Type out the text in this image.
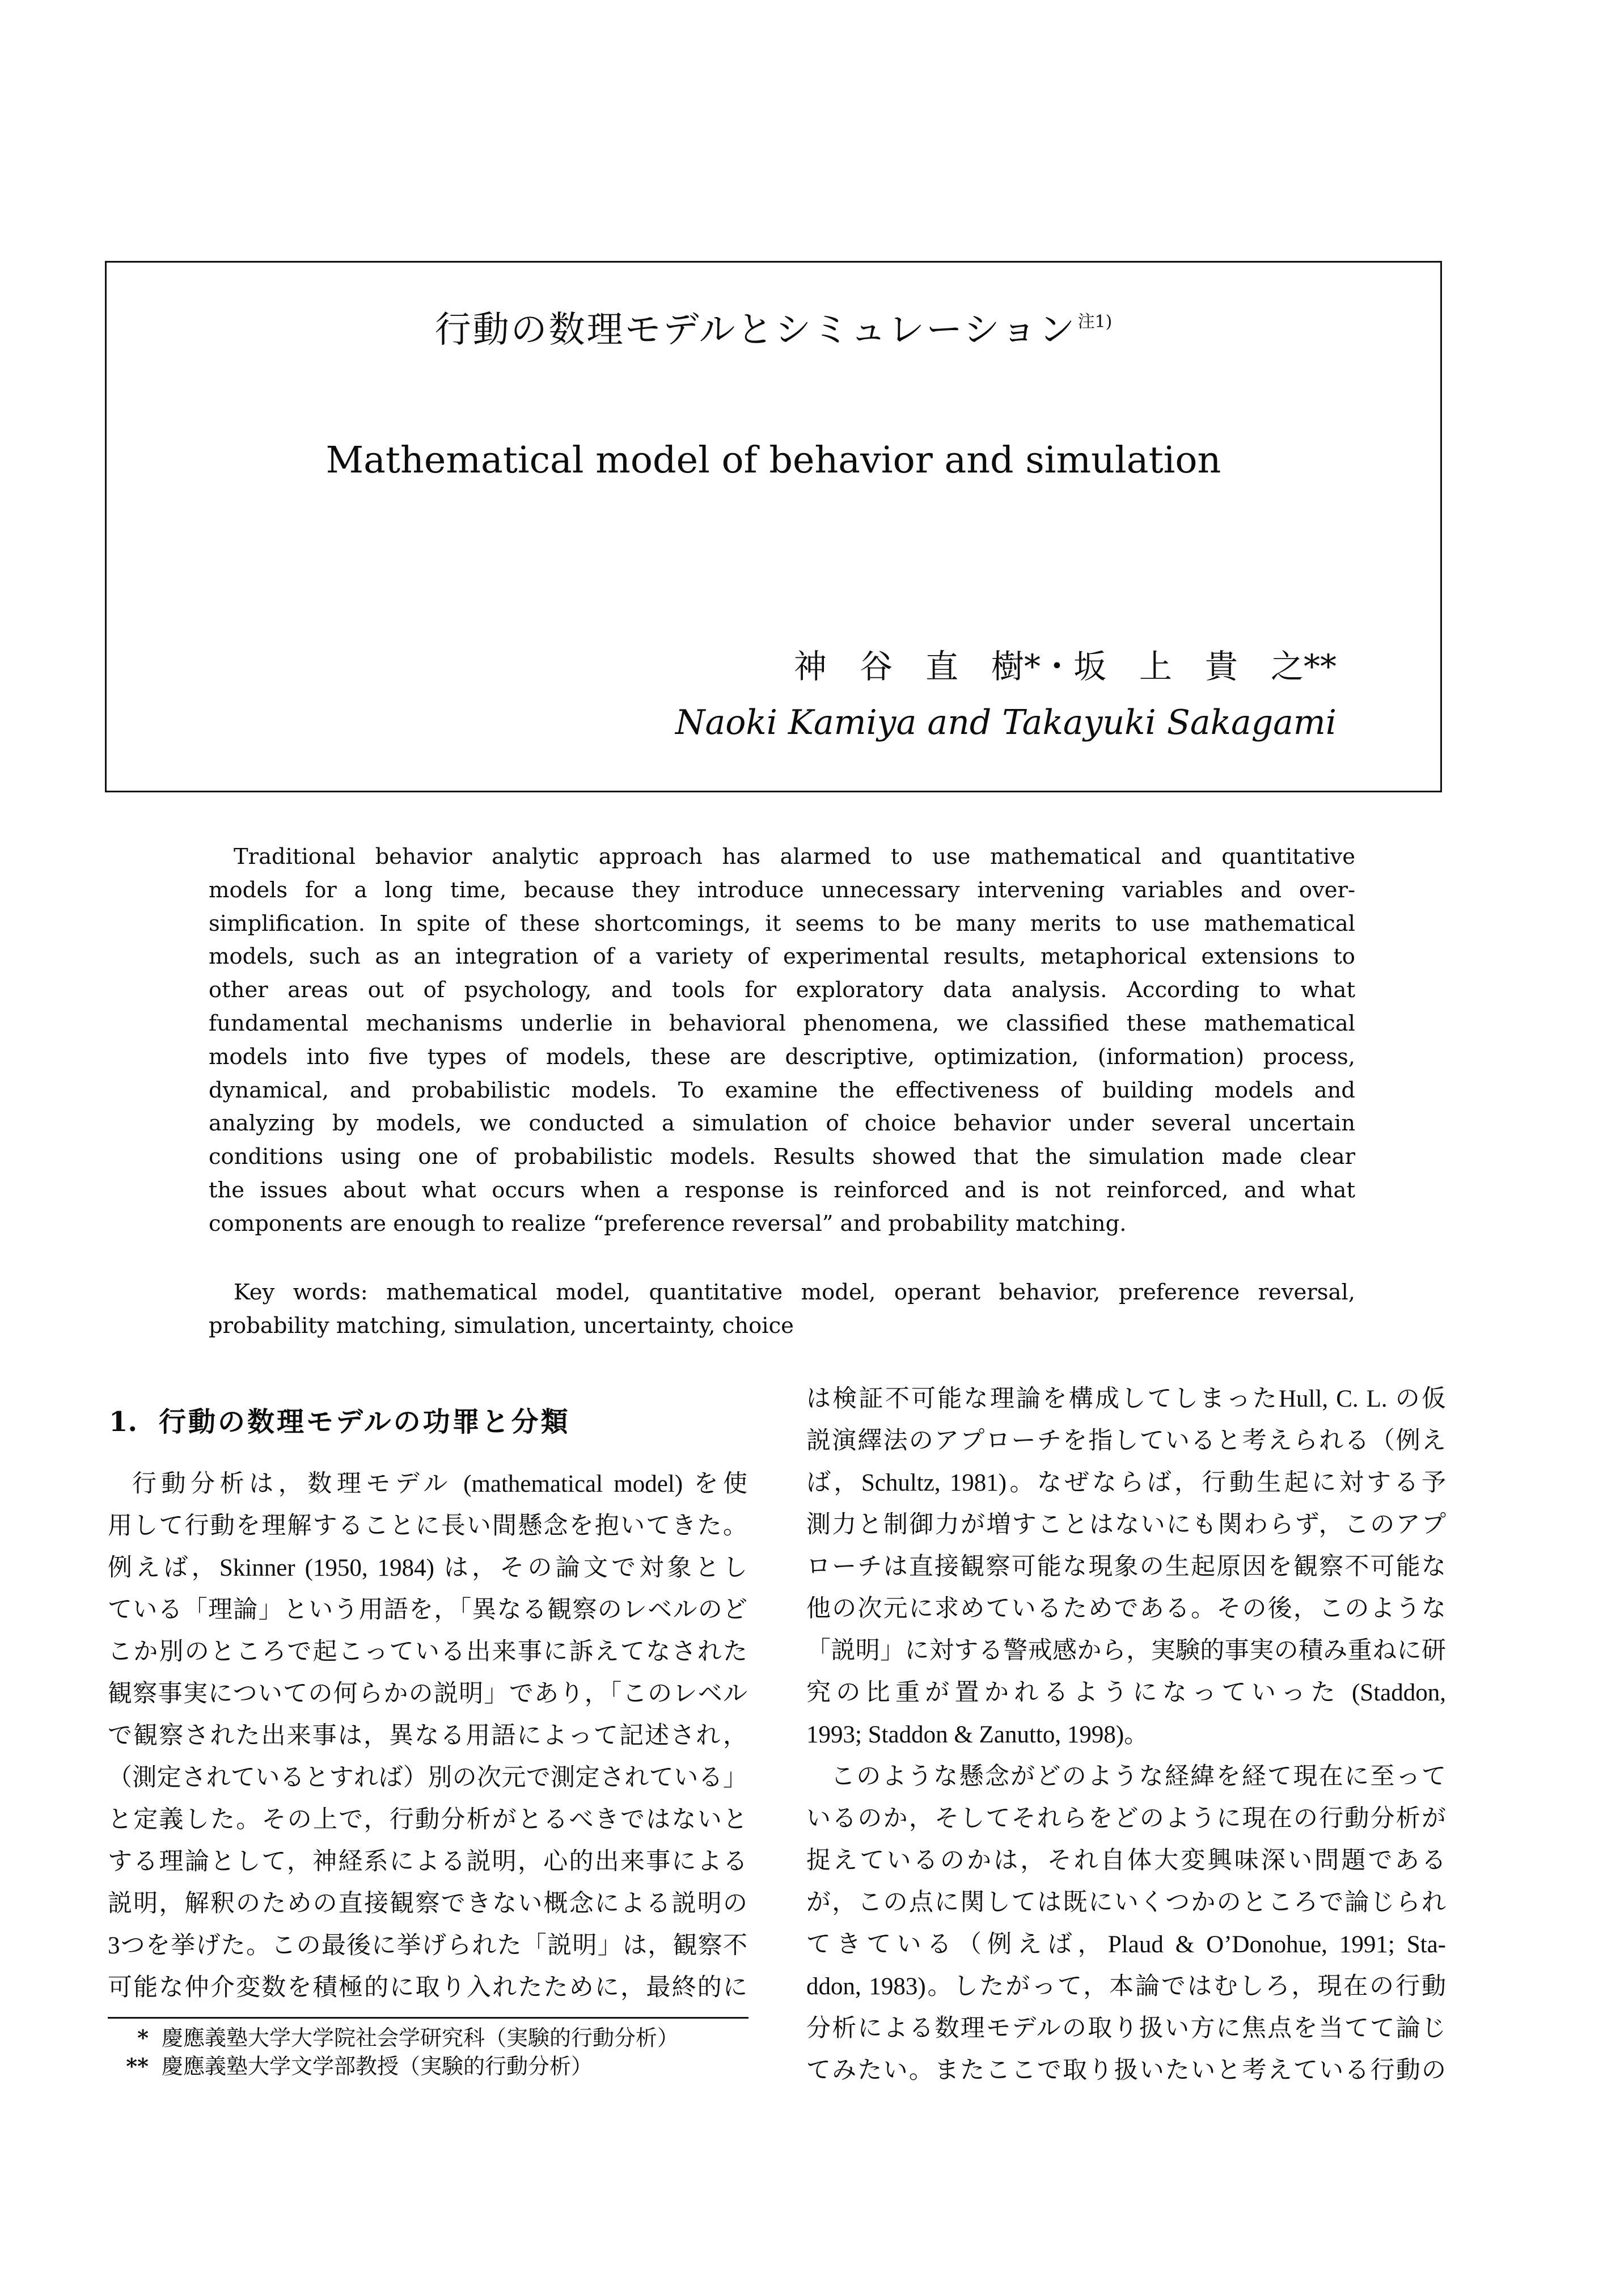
行動の数理モデルとシミュレーション$^{注1)}$
Mathematical model of behavior and simulation
神　谷　直　樹*・坂　上　貴　之**
Naoki Kamiya and Takayuki Sakagami
Traditional behavior analytic approach has alarmed to use mathematical and quantitative
models for a long time, because they introduce unnecessary intervening variables and over-
simplification. In spite of these shortcomings, it seems to be many merits to use mathematical
models, such as an integration of a variety of experimental results, metaphorical extensions to
other areas out of psychology, and tools for exploratory data analysis. According to what
fundamental mechanisms underlie in behavioral phenomena, we classified these mathematical
models into five types of models, these are descriptive, optimization, (information) process,
dynamical, and probabilistic models. To examine the effectiveness of building models and
analyzing by models, we conducted a simulation of choice behavior under several uncertain
conditions using one of probabilistic models. Results showed that the simulation made clear
the issues about what occurs when a response is reinforced and is not reinforced, and what
components are enough to realize “preference reversal” and probability matching.
Key words: mathematical model, quantitative model, operant behavior, preference reversal,
probability matching, simulation, uncertainty, choice
1. 行動の数理モデルの功罪と分類
行動分析は，数理モデル (mathematical model) を使
用して行動を理解することに長い間懸念を抱いてきた。
例えば，Skinner (1950, 1984) は，その論文で対象とし
ている「理論」という用語を，「異なる観察のレベルのど
こか別のところで起こっている出来事に訴えてなされた
観察事実についての何らかの説明」であり，「このレベル
で観察された出来事は，異なる用語によって記述され，
（測定されているとすれば）別の次元で測定されている」
と定義した。その上で，行動分析がとるべきではないと
する理論として，神経系による説明，心的出来事による
説明，解釈のための直接観察できない概念による説明の
3つを挙げた。この最後に挙げられた「説明」は，観察不
可能な仲介変数を積極的に取り入れたために，最終的に
は検証不可能な理論を構成してしまったHull, C. L. の仮
説演繹法のアプローチを指していると考えられる（例え
ば，Schultz, 1981)。なぜならば，行動生起に対する予
測力と制御力が増すことはないにも関わらず，このアプ
ローチは直接観察可能な現象の生起原因を観察不可能な
他の次元に求めているためである。その後，このような
「説明」に対する警戒感から，実験的事実の積み重ねに研
究の比重が置かれるようになっていった (Staddon,
1993; Staddon & Zanutto, 1998)。
このような懸念がどのような経緯を経て現在に至って
いるのか，そしてそれらをどのように現在の行動分析が
捉えているのかは，それ自体大変興味深い問題である
が，この点に関しては既にいくつかのところで論じられ
てきている（例えば，Plaud & O’Donohue, 1991; Sta-
ddon, 1983)。したがって，本論ではむしろ，現在の行動
分析による数理モデルの取り扱い方に焦点を当てて論じ
てみたい。またここで取り扱いたいと考えている行動の
* 慶應義塾大学大学院社会学研究科（実験的行動分析）
** 慶應義塾大学文学部教授（実験的行動分析）
